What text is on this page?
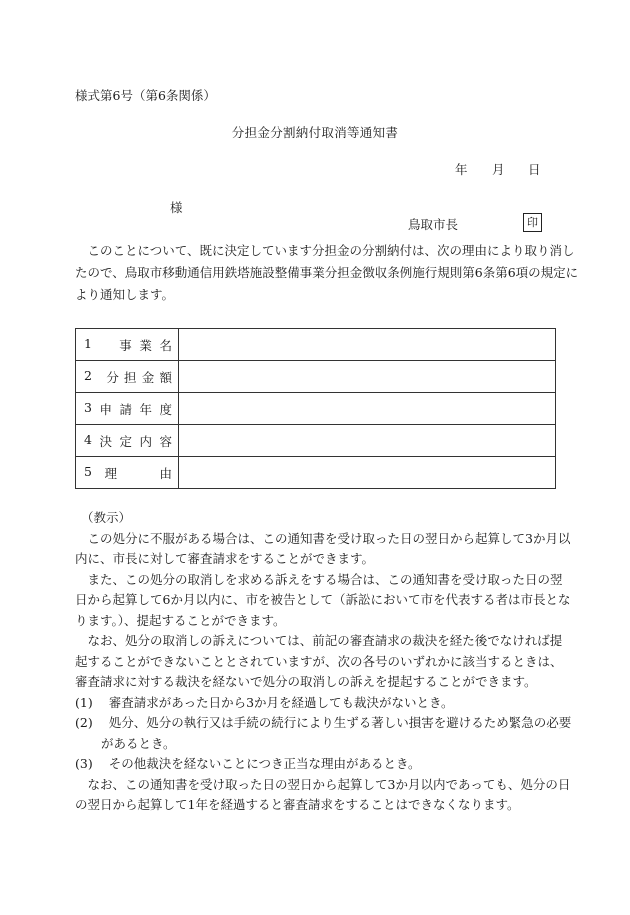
様式第6号（第6条関係）
分担金分割納付取消等通知書
年 月 日
様
鳥取市長	印
　このことについて、既に決定しています分担金の分割納付は、次の理由により取り消し
たので、鳥取市移動通信用鉄塔施設整備事業分担金徴収条例施行規則第6条第6項の規定に
より通知します。
1 事 業 名	

2 分 担 金 額	

3 申 請 年 度	

4 決 定 内 容	

5 理 由	

（教示）
　この処分に不服がある場合は、この通知書を受け取った日の翌日から起算して3か月以
内に、市長に対して審査請求をすることができます。
　また、この処分の取消しを求める訴えをする場合は、この通知書を受け取った日の翌
日から起算して6か月以内に、市を被告として（訴訟において市を代表する者は市長とな
ります。）、提起することができます。
　なお、処分の取消しの訴えについては、前記の審査請求の裁決を経た後でなければ提
起することができないこととされていますが、次の各号のいずれかに該当するときは、
審査請求に対する裁決を経ないで処分の取消しの訴えを提起することができます。
(1) 審査請求があった日から3か月を経過しても裁決がないとき。
(2) 処分、処分の執行又は手続の続行により生ずる著しい損害を避けるため緊急の必要
があるとき。
(3) その他裁決を経ないことにつき正当な理由があるとき。
　なお、この通知書を受け取った日の翌日から起算して3か月以内であっても、処分の日
の翌日から起算して1年を経過すると審査請求をすることはできなくなります。
